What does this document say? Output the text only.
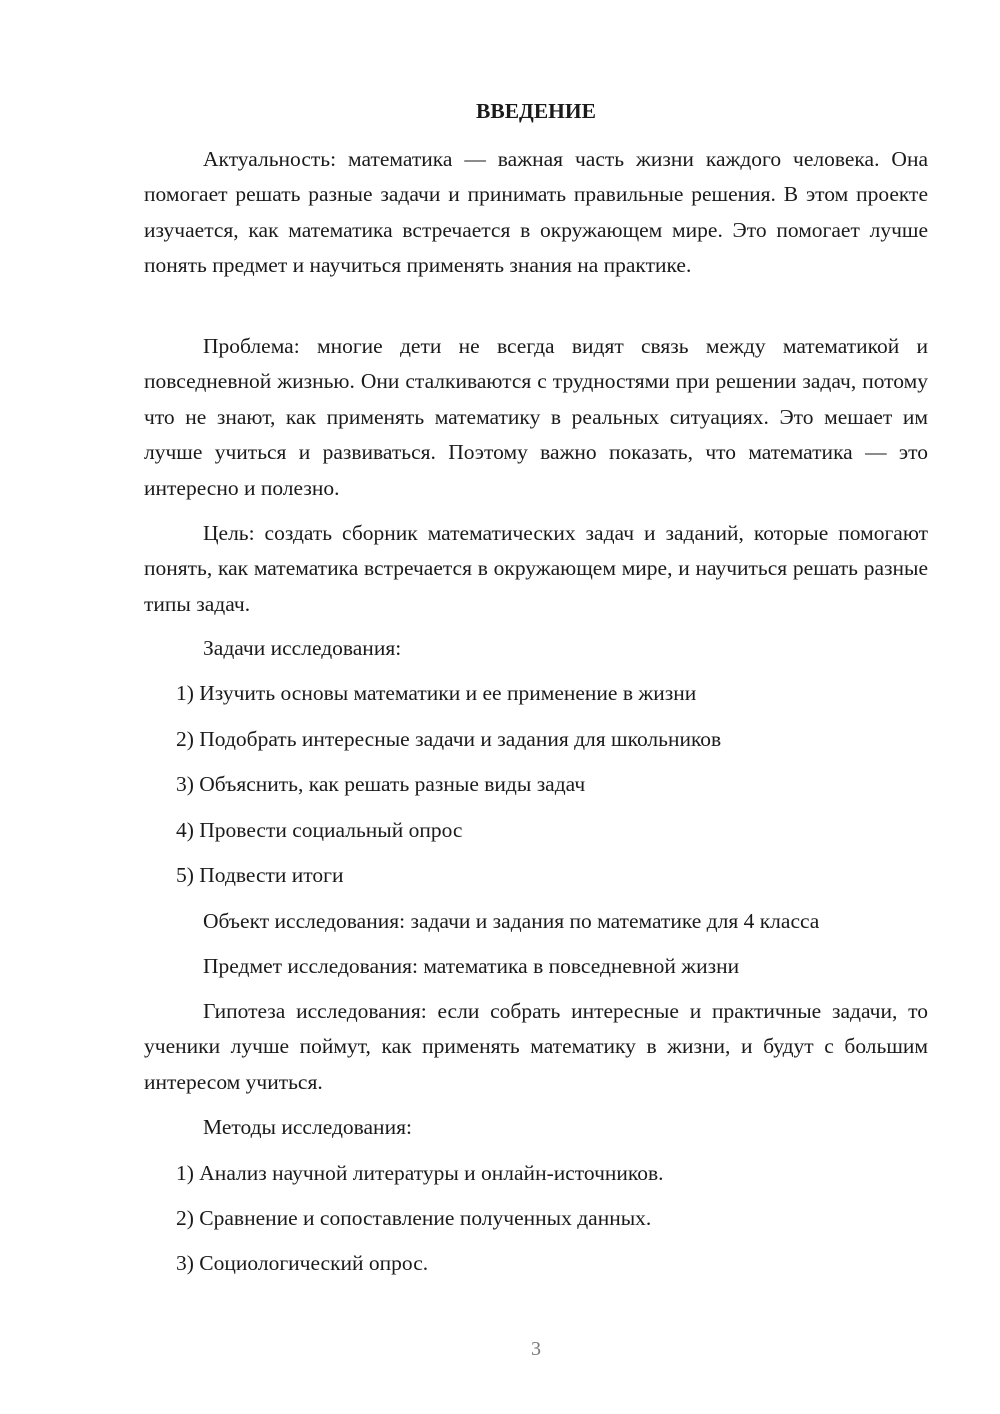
ВВЕДЕНИЕ

Актуальность: математика — важная часть жизни каждого человека. Она помогает решать разные задачи и принимать правильные решения. В этом проекте изучается, как математика встречается в окружающем мире. Это помогает лучше понять предмет и научиться применять знания на практике.

Проблема: многие дети не всегда видят связь между математикой и повседневной жизнью. Они сталкиваются с трудностями при решении задач, потому что не знают, как применять математику в реальных ситуациях. Это мешает им лучше учиться и развиваться. Поэтому важно показать, что математика — это интересно и полезно.

Цель: создать сборник математических задач и заданий, которые помогают понять, как математика встречается в окружающем мире, и научиться решать разные типы задач.

Задачи исследования:
1) Изучить основы математики и ее применение в жизни
2) Подобрать интересные задачи и задания для школьников
3) Объяснить, как решать разные виды задач
4) Провести социальный опрос
5) Подвести итоги
Объект исследования: задачи и задания по математике для 4 класса
Предмет исследования: математика в повседневной жизни

Гипотеза исследования: если собрать интересные и практичные задачи, то ученики лучше поймут, как применять математику в жизни, и будут с большим интересом учиться.

Методы исследования:
1) Анализ научной литературы и онлайн-источников.
2) Сравнение и сопоставление полученных данных.
3) Социологический опрос.
3
